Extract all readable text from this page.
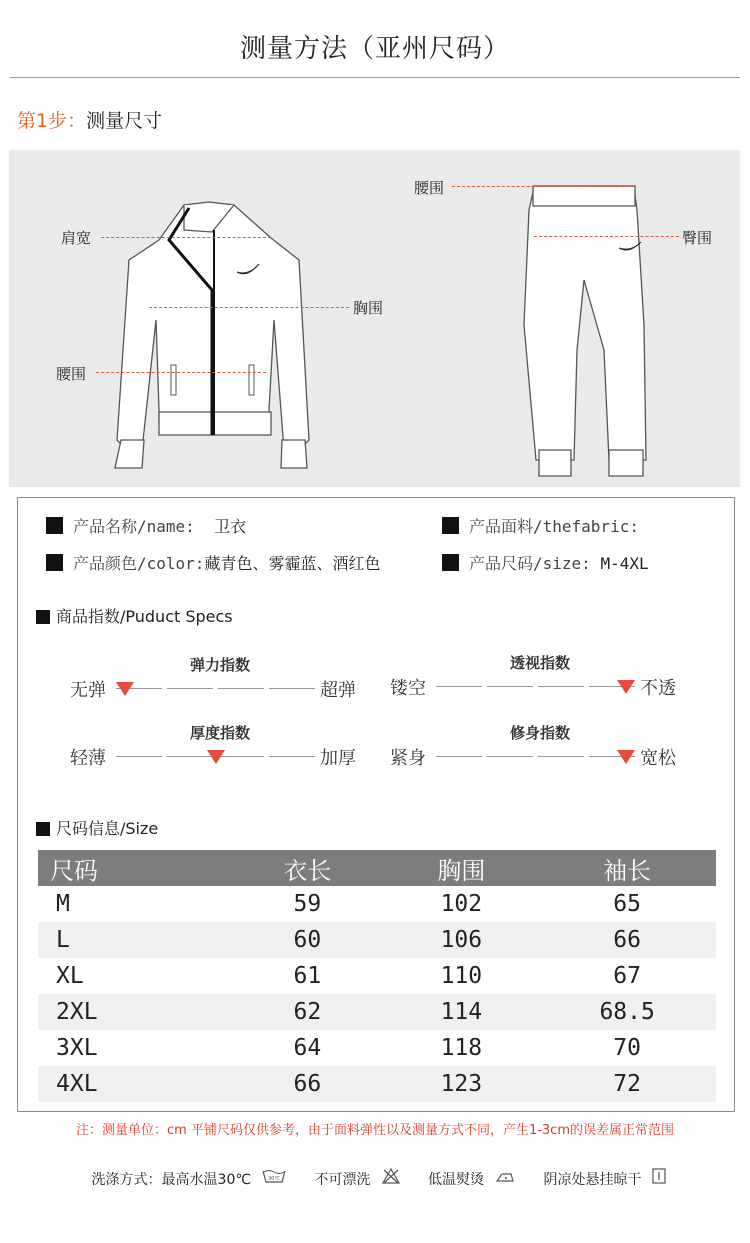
测量方法（亚州尺码）
第1步：测量尺寸
肩宽
胸围
腰围
腰围
臀围
产品名称/name: 卫衣	产品面料/thefabric:
产品颜色/color:藏青色、雾霾蓝、酒红色	产品尺码/size: M-4XL
商品指数/Puduct Specs
无弹
弹力指数
超弹 镂空
透视指数
不透
轻薄
厚度指数
加厚 紧身
修身指数
宽松
尺码信息/Size
尺码	衣长	胸围	袖长
M	59	102	65
L	60	106	66
XL	61	110	67
2XL	62	114	68.5
3XL	64	118	70
4XL	66	123	72
注：测量单位：cm 平铺尺码仅供参考，由于面料弹性以及测量方式不同，产生1-3cm的误差属正常范围
洗涤方式：最高水温30℃	30℃ 不可漂洗	低温熨烫	阴凉处悬挂晾干
